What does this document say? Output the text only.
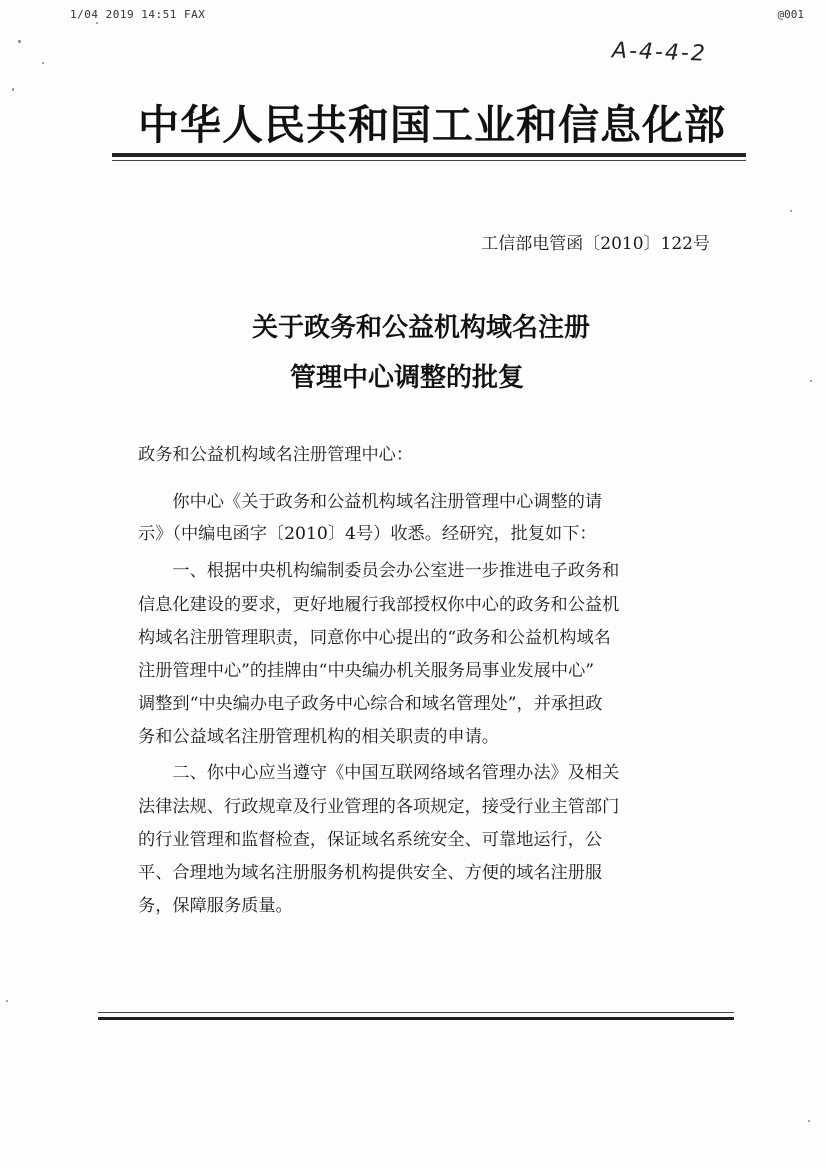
1/04 2019 14:51 FAX	@001
A-4-4-2
中华人民共和国工业和信息化部
工信部电管函〔2010〕122号
关于政务和公益机构域名注册
管理中心调整的批复
政务和公益机构域名注册管理中心：
　　你中心《关于政务和公益机构域名注册管理中心调整的请
示》（中编电函字〔2010〕4号）收悉。经研究，批复如下：
　　一、根据中央机构编制委员会办公室进一步推进电子政务和
信息化建设的要求，更好地履行我部授权你中心的政务和公益机
构域名注册管理职责，同意你中心提出的“政务和公益机构域名
注册管理中心”的挂牌由“中央编办机关服务局事业发展中心”
调整到“中央编办电子政务中心综合和域名管理处”，并承担政
务和公益域名注册管理机构的相关职责的申请。
　　二、你中心应当遵守《中国互联网络域名管理办法》及相关
法律法规、行政规章及行业管理的各项规定，接受行业主管部门
的行业管理和监督检查，保证域名系统安全、可靠地运行，公
平、合理地为域名注册服务机构提供安全、方便的域名注册服
务，保障服务质量。
